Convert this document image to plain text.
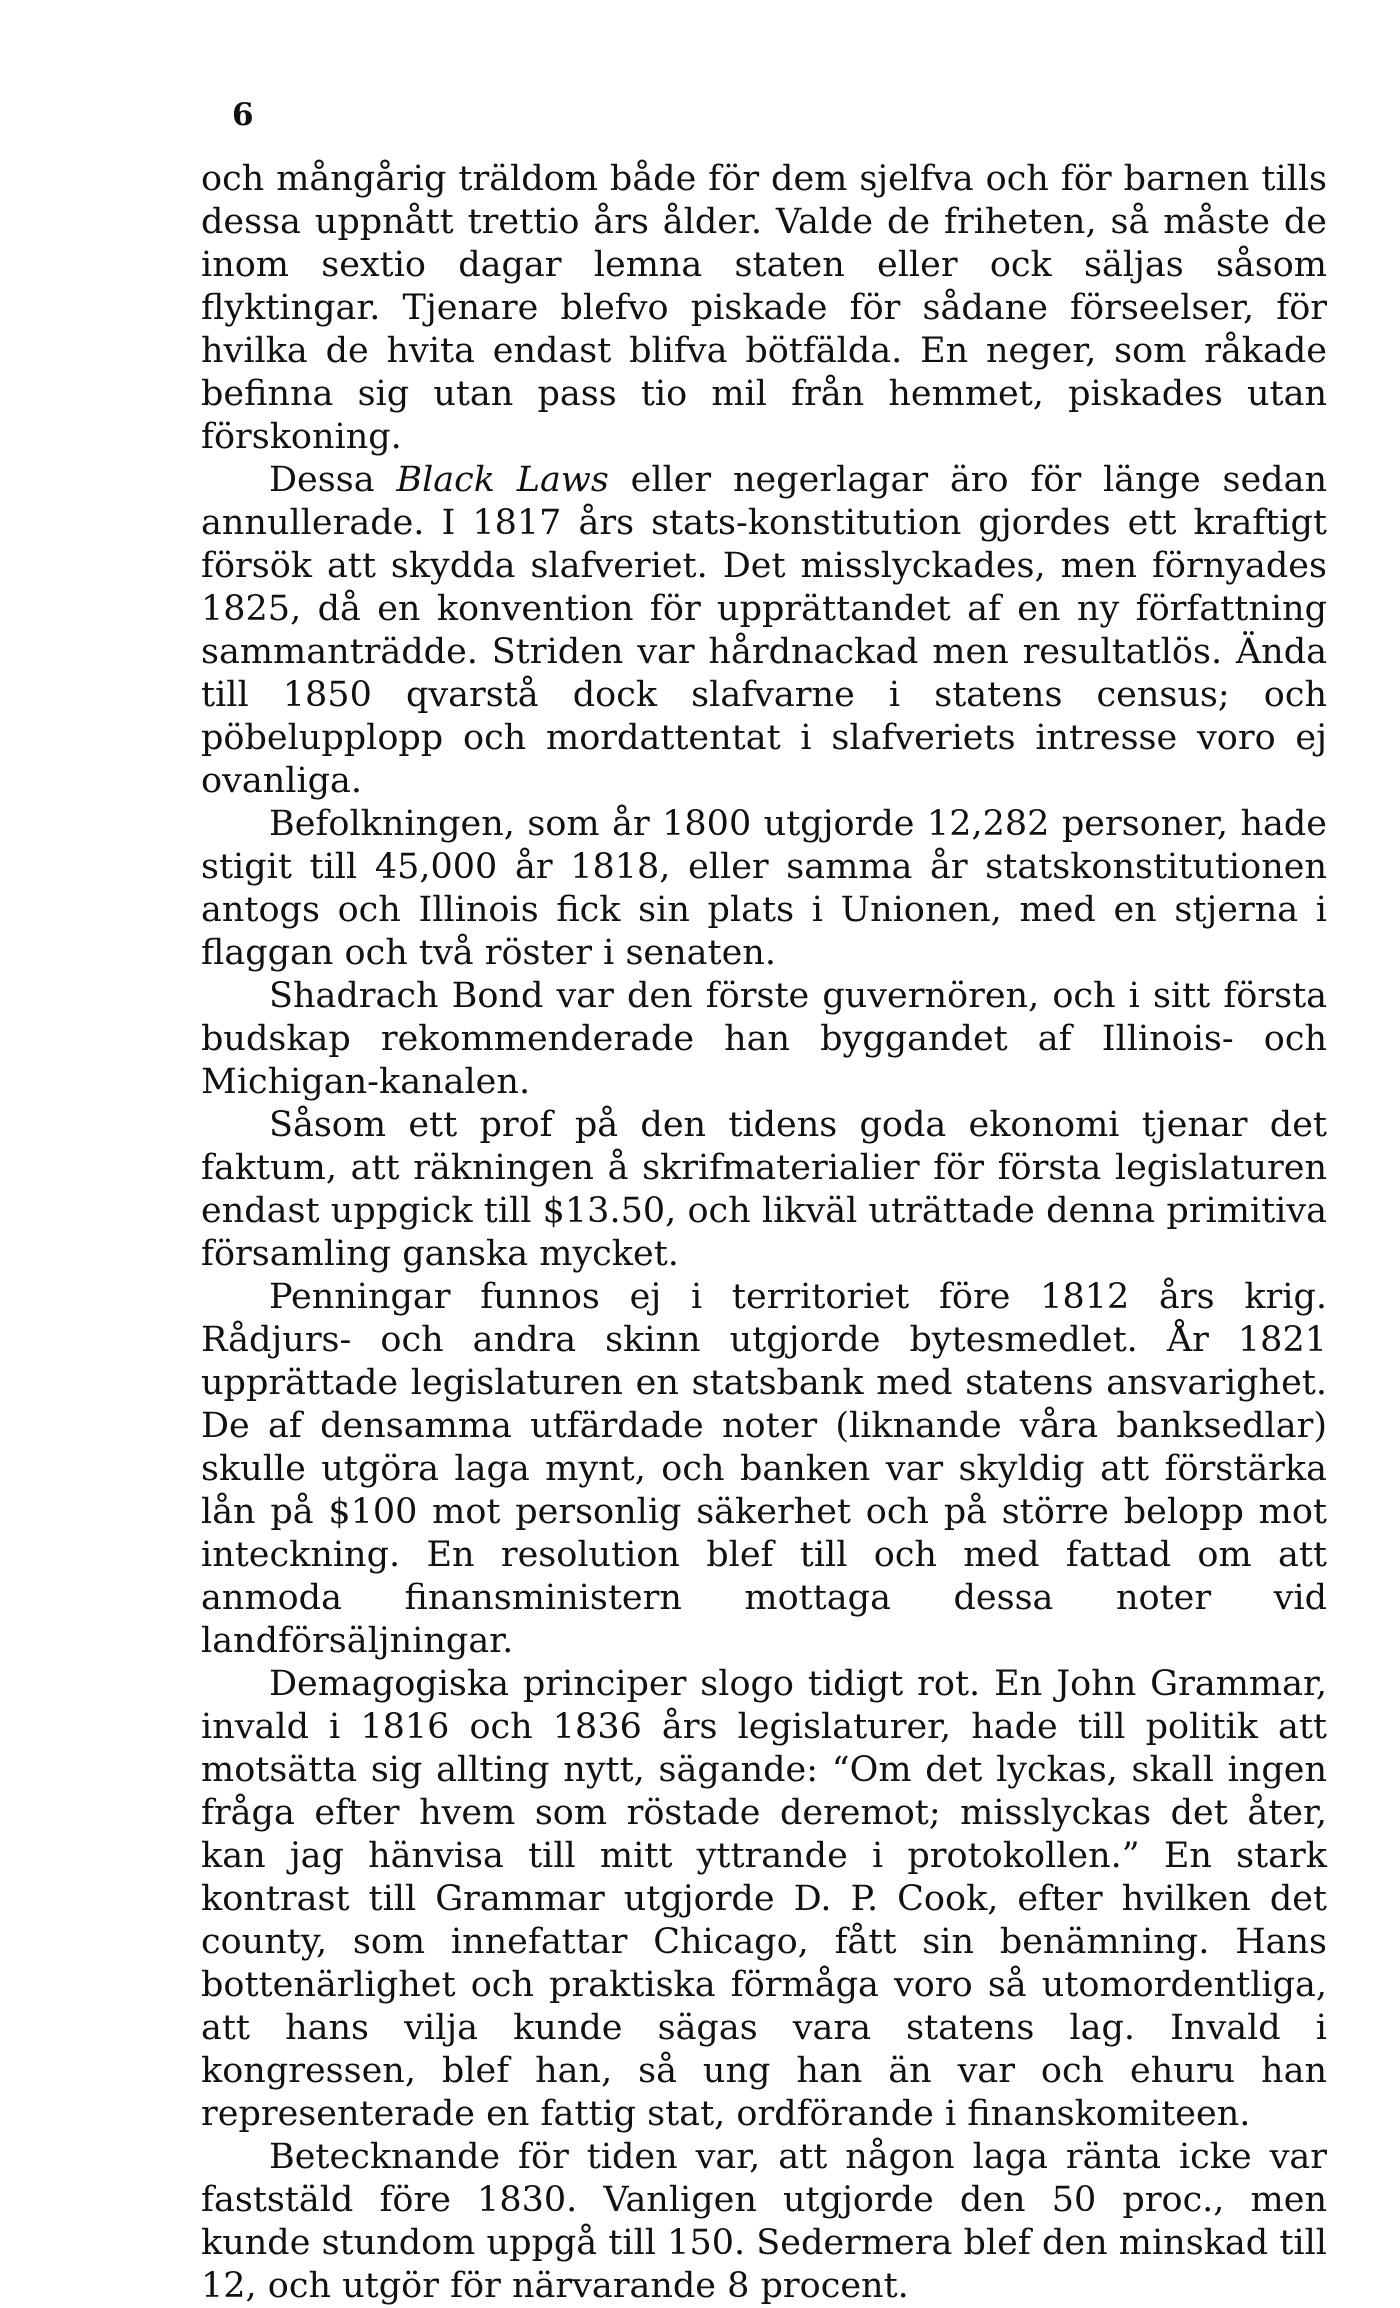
6

och mångårig träldom både för dem sjelfva och för barnen tills dessa uppnått trettio års ålder. Valde de friheten, så måste de inom sextio dagar lemna staten eller ock säljas såsom flyktingar. Tjenare blefvo piskade för sådane förseelser, för hvilka de hvita endast blifva bötfälda. En neger, som råkade befinna sig utan pass tio mil från hemmet, piskades utan förskoning.

Dessa Black Laws eller negerlagar äro för länge sedan annullerade. I 1817 års stats-konstitution gjordes ett kraftigt försök att skydda slafveriet. Det misslyckades, men förnyades 1825, då en konvention för upprättandet af en ny författning sammanträdde. Striden var hårdnackad men resultatlös. Ända till 1850 qvarstå dock slafvarne i statens census; och pöbelupplopp och mordattentat i slafveriets intresse voro ej ovanliga.

Befolkningen, som år 1800 utgjorde 12,282 personer, hade stigit till 45,000 år 1818, eller samma år statskonstitutionen antogs och Illinois fick sin plats i Unionen, med en stjerna i flaggan och två röster i senaten.

Shadrach Bond var den förste guvernören, och i sitt första budskap rekommenderade han byggandet af Illinois- och Michigan-kanalen.

Såsom ett prof på den tidens goda ekonomi tjenar det faktum, att räkningen å skrifmaterialier för första legislaturen endast uppgick till $13.50, och likväl uträttade denna primitiva församling ganska mycket.

Penningar funnos ej i territoriet före 1812 års krig. Rådjurs- och andra skinn utgjorde bytesmedlet. År 1821 upprättade legislaturen en statsbank med statens ansvarighet. De af densamma utfärdade noter (liknande våra banksedlar) skulle utgöra laga mynt, och banken var skyldig att förstärka lån på $100 mot personlig säkerhet och på större belopp mot inteckning. En resolution blef till och med fattad om att anmoda finansministern mottaga dessa noter vid landförsäljningar.

Demagogiska principer slogo tidigt rot. En John Grammar, invald i 1816 och 1836 års legislaturer, hade till politik att motsätta sig allting nytt, sägande: “Om det lyckas, skall ingen fråga efter hvem som röstade deremot; misslyckas det åter, kan jag hänvisa till mitt yttrande i protokollen.” En stark kontrast till Grammar utgjorde D. P. Cook, efter hvilken det county, som innefattar Chicago, fått sin benämning. Hans bottenärlighet och praktiska förmåga voro så utomordentliga, att hans vilja kunde sägas vara statens lag. Invald i kongressen, blef han, så ung han än var och ehuru han representerade en fattig stat, ordförande i finanskomiteen.

Betecknande för tiden var, att någon laga ränta icke var faststäld före 1830. Vanligen utgjorde den 50 proc., men kunde stundom uppgå till 150. Sedermera blef den minskad till 12, och utgör för närvarande 8 procent.
